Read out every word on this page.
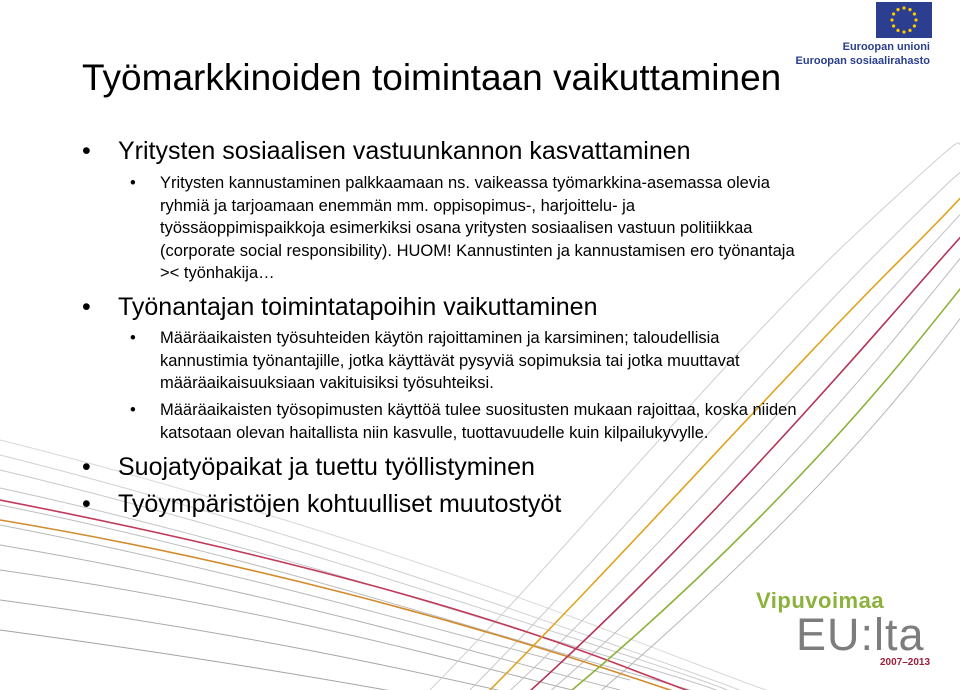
Euroopan unioni
Euroopan sosiaalirahasto
Työmarkkinoiden toimintaan vaikuttaminen
• Yritysten sosiaalisen vastuunkannon kasvattaminen
• Yritysten kannustaminen palkkaamaan ns. vaikeassa työmarkkina-asemassa olevia
ryhmiä ja tarjoamaan enemmän mm. oppisopimus-, harjoittelu- ja
työssäoppimispaikkoja esimerkiksi osana yritysten sosiaalisen vastuun politiikkaa
(corporate social responsibility). HUOM! Kannustinten ja kannustamisen ero työnantaja
>< työnhakija…
• Työnantajan toimintatapoihin vaikuttaminen
• Määräaikaisten työsuhteiden käytön rajoittaminen ja karsiminen; taloudellisia
kannustimia työnantajille, jotka käyttävät pysyviä sopimuksia tai jotka muuttavat
määräaikaisuuksiaan vakituisiksi työsuhteiksi.
• Määräaikaisten työsopimusten käyttöä tulee suositusten mukaan rajoittaa, koska niiden
katsotaan olevan haitallista niin kasvulle, tuottavuudelle kuin kilpailukyvylle.
• Suojatyöpaikat ja tuettu työllistyminen
• Työympäristöjen kohtuulliset muutostyöt
Vipuvoimaa
EU:lta
2007–2013
